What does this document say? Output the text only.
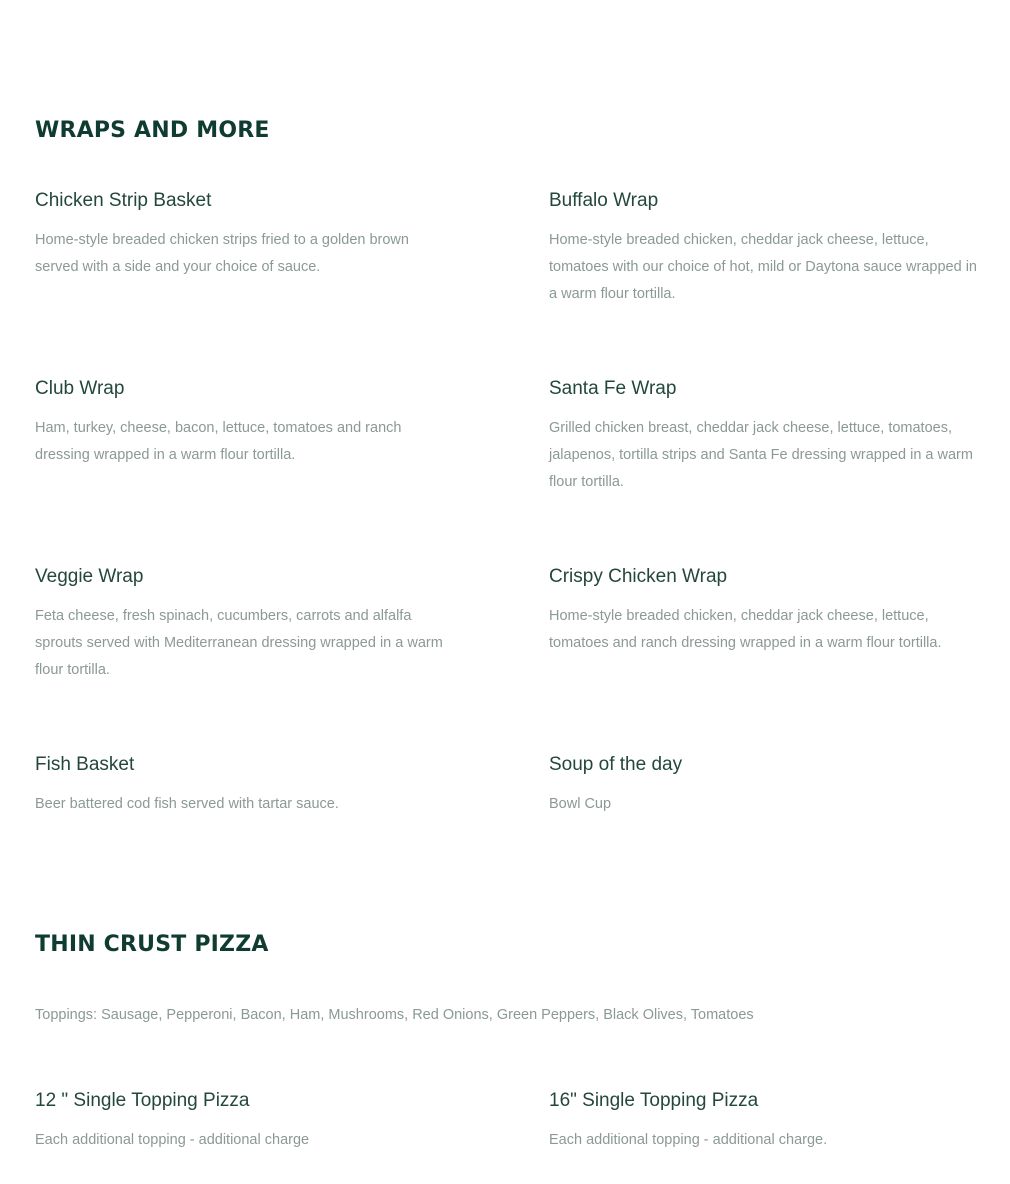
WRAPS AND MORE
Chicken Strip Basket

Home-style breaded chicken strips fried to a golden brown served with a side and your choice of sauce.

Buffalo Wrap

Home-style breaded chicken, cheddar jack cheese, lettuce, tomatoes with our choice of hot, mild or Daytona sauce wrapped in a warm flour tortilla.

Club Wrap

Ham, turkey, cheese, bacon, lettuce, tomatoes and ranch dressing wrapped in a warm flour tortilla.

Santa Fe Wrap

Grilled chicken breast, cheddar jack cheese, lettuce, tomatoes, jalapenos, tortilla strips and Santa Fe dressing wrapped in a warm flour tortilla.

Veggie Wrap

Feta cheese, fresh spinach, cucumbers, carrots and alfalfa sprouts served with Mediterranean dressing wrapped in a warm flour tortilla.

Crispy Chicken Wrap

Home-style breaded chicken, cheddar jack cheese, lettuce, tomatoes and ranch dressing wrapped in a warm flour tortilla.

Fish Basket

Beer battered cod fish served with tartar sauce.

Soup of the day

Bowl Cup

THIN CRUST PIZZA

Toppings: Sausage, Pepperoni, Bacon, Ham, Mushrooms, Red Onions, Green Peppers, Black Olives, Tomatoes

12 " Single Topping Pizza

Each additional topping - additional charge

16" Single Topping Pizza

Each additional topping - additional charge.
